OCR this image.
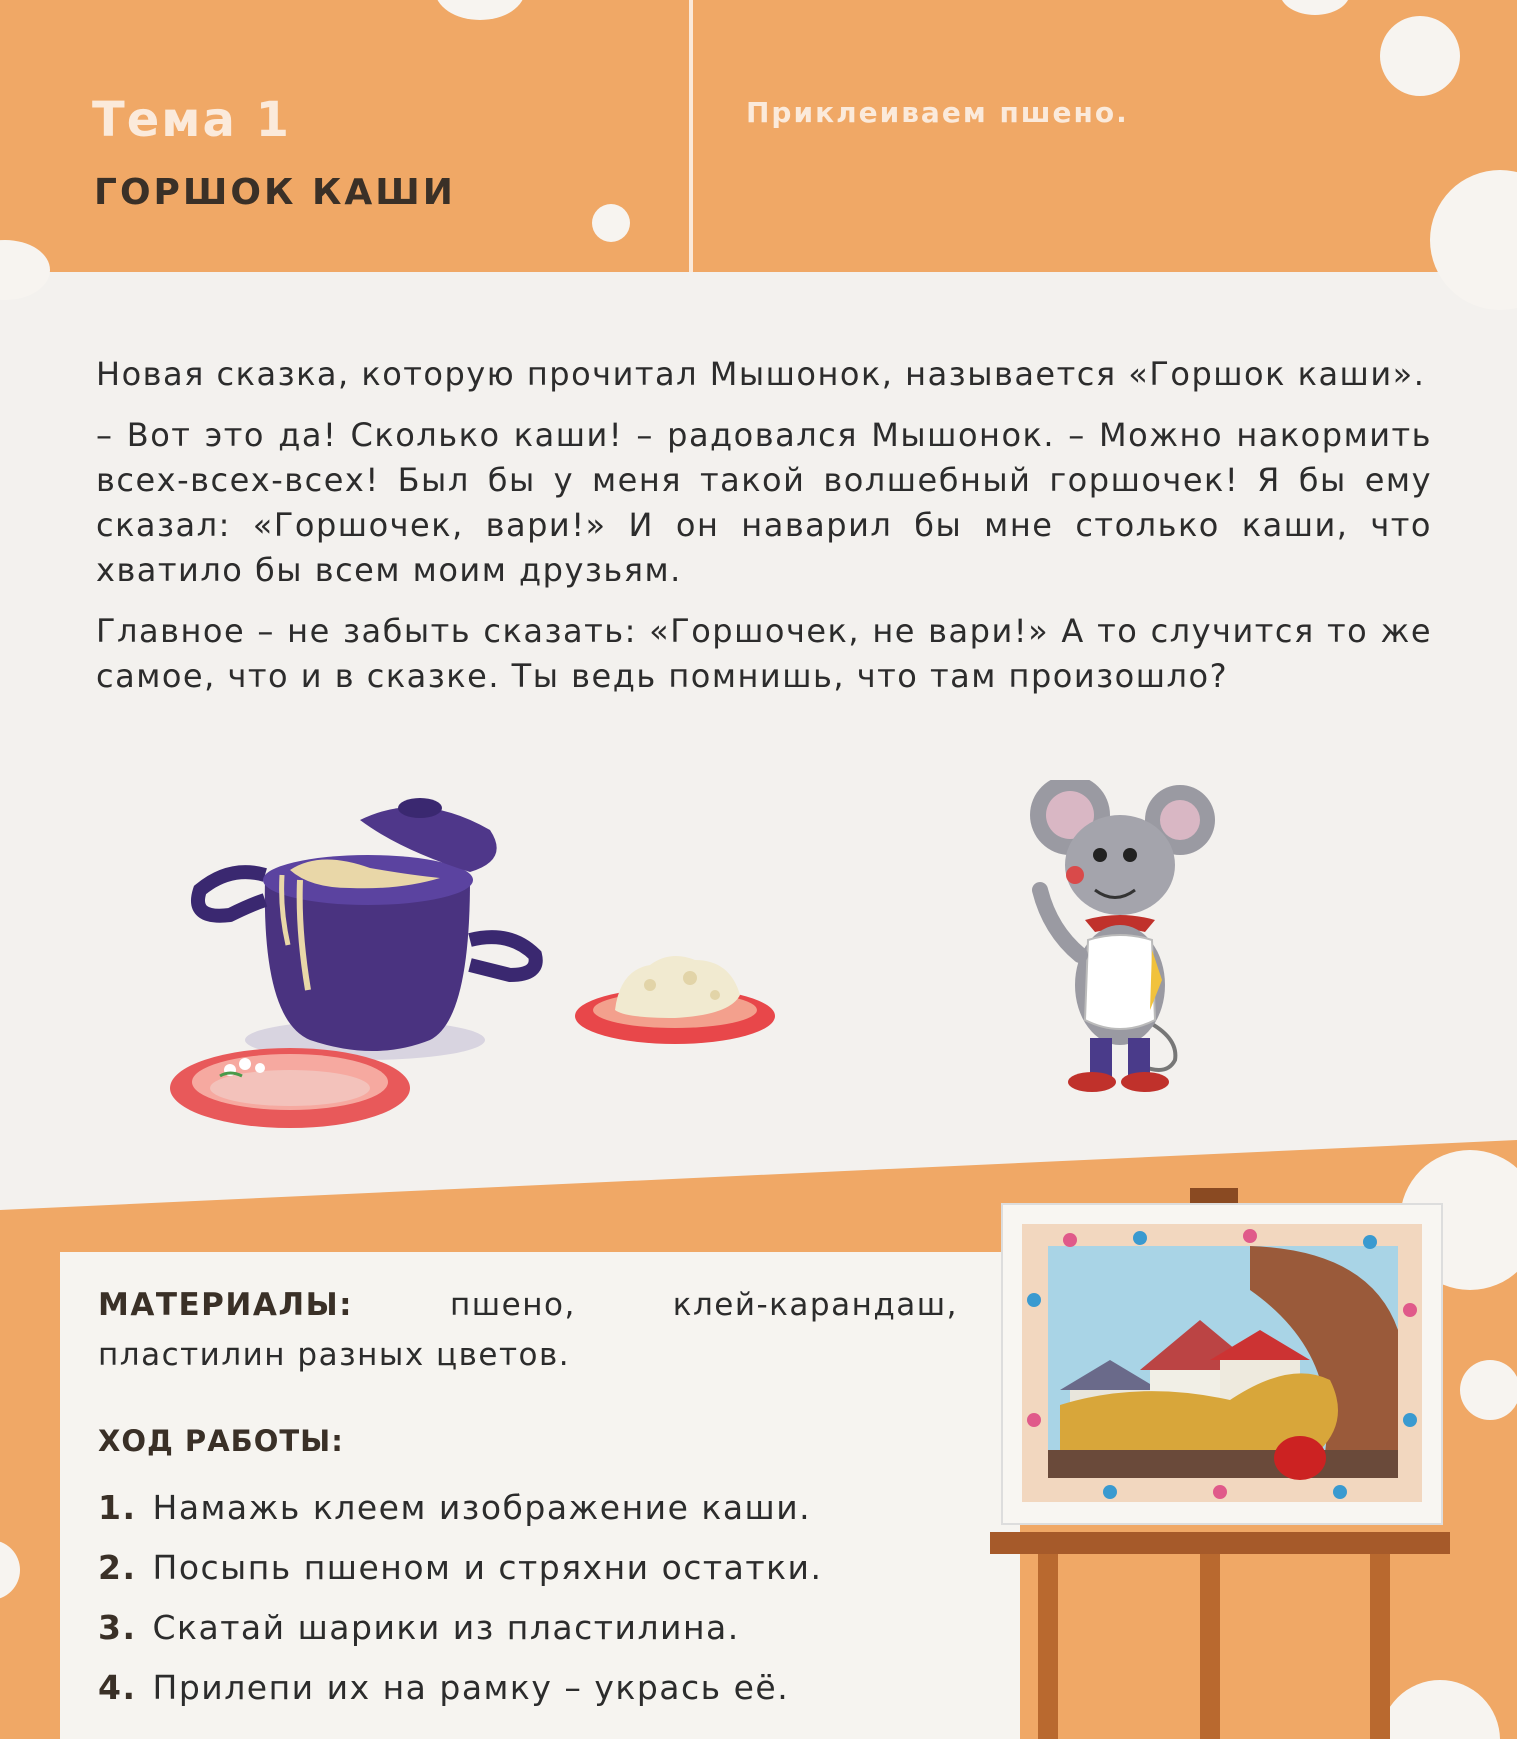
Тема 1
ГОРШОК КАШИ
Приклеиваем пшено.

Новая сказка, которую прочитал Мышонок, называется «Горшок каши».

– Вот это да! Сколько каши! – радовался Мышонок. – Можно накормить всех-всех-всех! Был бы у меня такой волшебный горшочек! Я бы ему сказал: «Горшочек, вари!» И он наварил бы мне столько каши, что хватило бы всем моим друзьям.

Главное – не забыть сказать: «Горшочек, не вари!» А то случится то же самое, что и в сказке. Ты ведь помнишь, что там произошло?

МАТЕРИАЛЫ: пшено, клей-карандаш, пластилин разных цветов.
ХОД РАБОТЫ:
1. Намажь клеем изображение каши.
2. Посыпь пшеном и стряхни остатки.
3. Скатай шарики из пластилина.
4. Прилепи их на рамку – укрась её.
